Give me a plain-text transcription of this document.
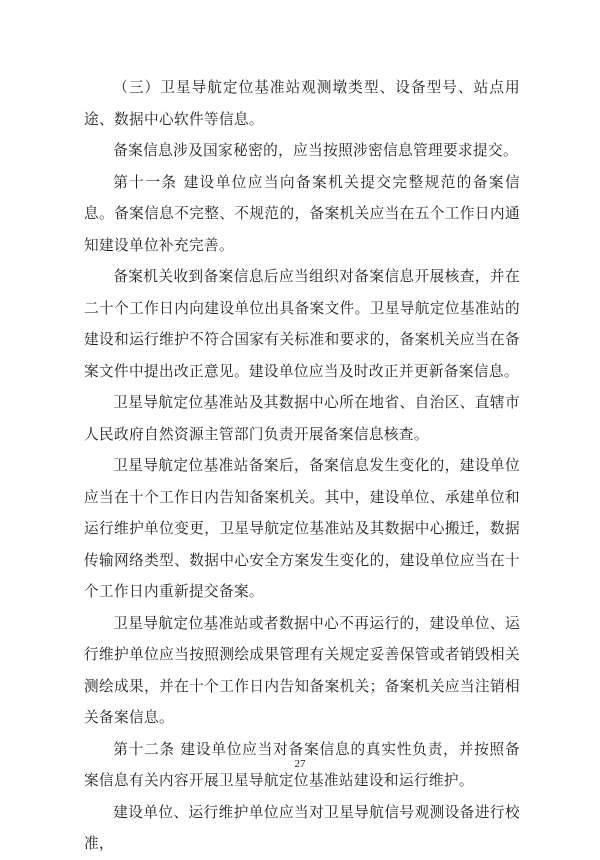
（三）卫星导航定位基准站观测墩类型、设备型号、站点用途、数据中心软件等信息。

备案信息涉及国家秘密的，应当按照涉密信息管理要求提交。

第十一条 建设单位应当向备案机关提交完整规范的备案信息。备案信息不完整、不规范的，备案机关应当在五个工作日内通知建设单位补充完善。

备案机关收到备案信息后应当组织对备案信息开展核查，并在二十个工作日内向建设单位出具备案文件。卫星导航定位基准站的建设和运行维护不符合国家有关标准和要求的，备案机关应当在备案文件中提出改正意见。建设单位应当及时改正并更新备案信息。

卫星导航定位基准站及其数据中心所在地省、自治区、直辖市人民政府自然资源主管部门负责开展备案信息核查。

卫星导航定位基准站备案后，备案信息发生变化的，建设单位应当在十个工作日内告知备案机关。其中，建设单位、承建单位和运行维护单位变更，卫星导航定位基准站及其数据中心搬迁，数据传输网络类型、数据中心安全方案发生变化的，建设单位应当在十个工作日内重新提交备案。

卫星导航定位基准站或者数据中心不再运行的，建设单位、运行维护单位应当按照测绘成果管理有关规定妥善保管或者销毁相关测绘成果，并在十个工作日内告知备案机关；备案机关应当注销相关备案信息。

第十二条 建设单位应当对备案信息的真实性负责，并按照备案信息有关内容开展卫星导航定位基准站建设和运行维护。

建设单位、运行维护单位应当对卫星导航信号观测设备进行校准，

27
